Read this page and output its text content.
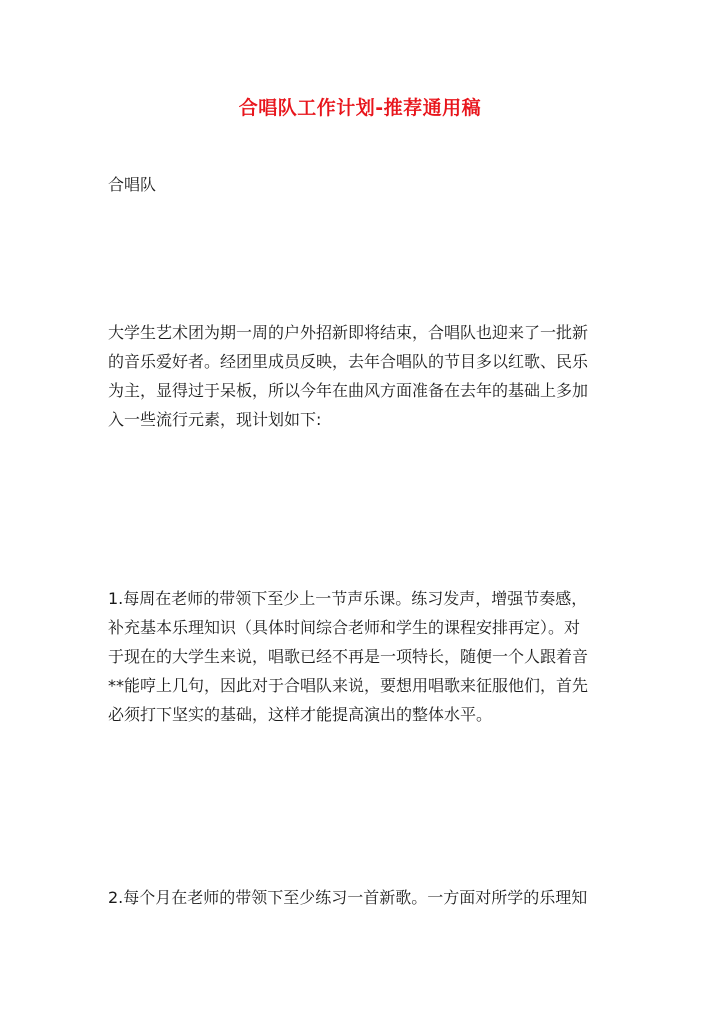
合唱队工作计划-推荐通用稿
合唱队

大学生艺术团为期一周的户外招新即将结束，合唱队也迎来了一批新
的音乐爱好者。经团里成员反映，去年合唱队的节目多以红歌、民乐
为主，显得过于呆板，所以今年在曲风方面准备在去年的基础上多加
入一些流行元素，现计划如下:

1.每周在老师的带领下至少上一节声乐课。练习发声，增强节奏感，
补充基本乐理知识（具体时间综合老师和学生的课程安排再定）。对
于现在的大学生来说，唱歌已经不再是一项特长，随便一个人跟着音
**能哼上几句，因此对于合唱队来说，要想用唱歌来征服他们，首先
必须打下坚实的基础，这样才能提高演出的整体水平。

2.每个月在老师的带领下至少练习一首新歌。一方面对所学的乐理知
